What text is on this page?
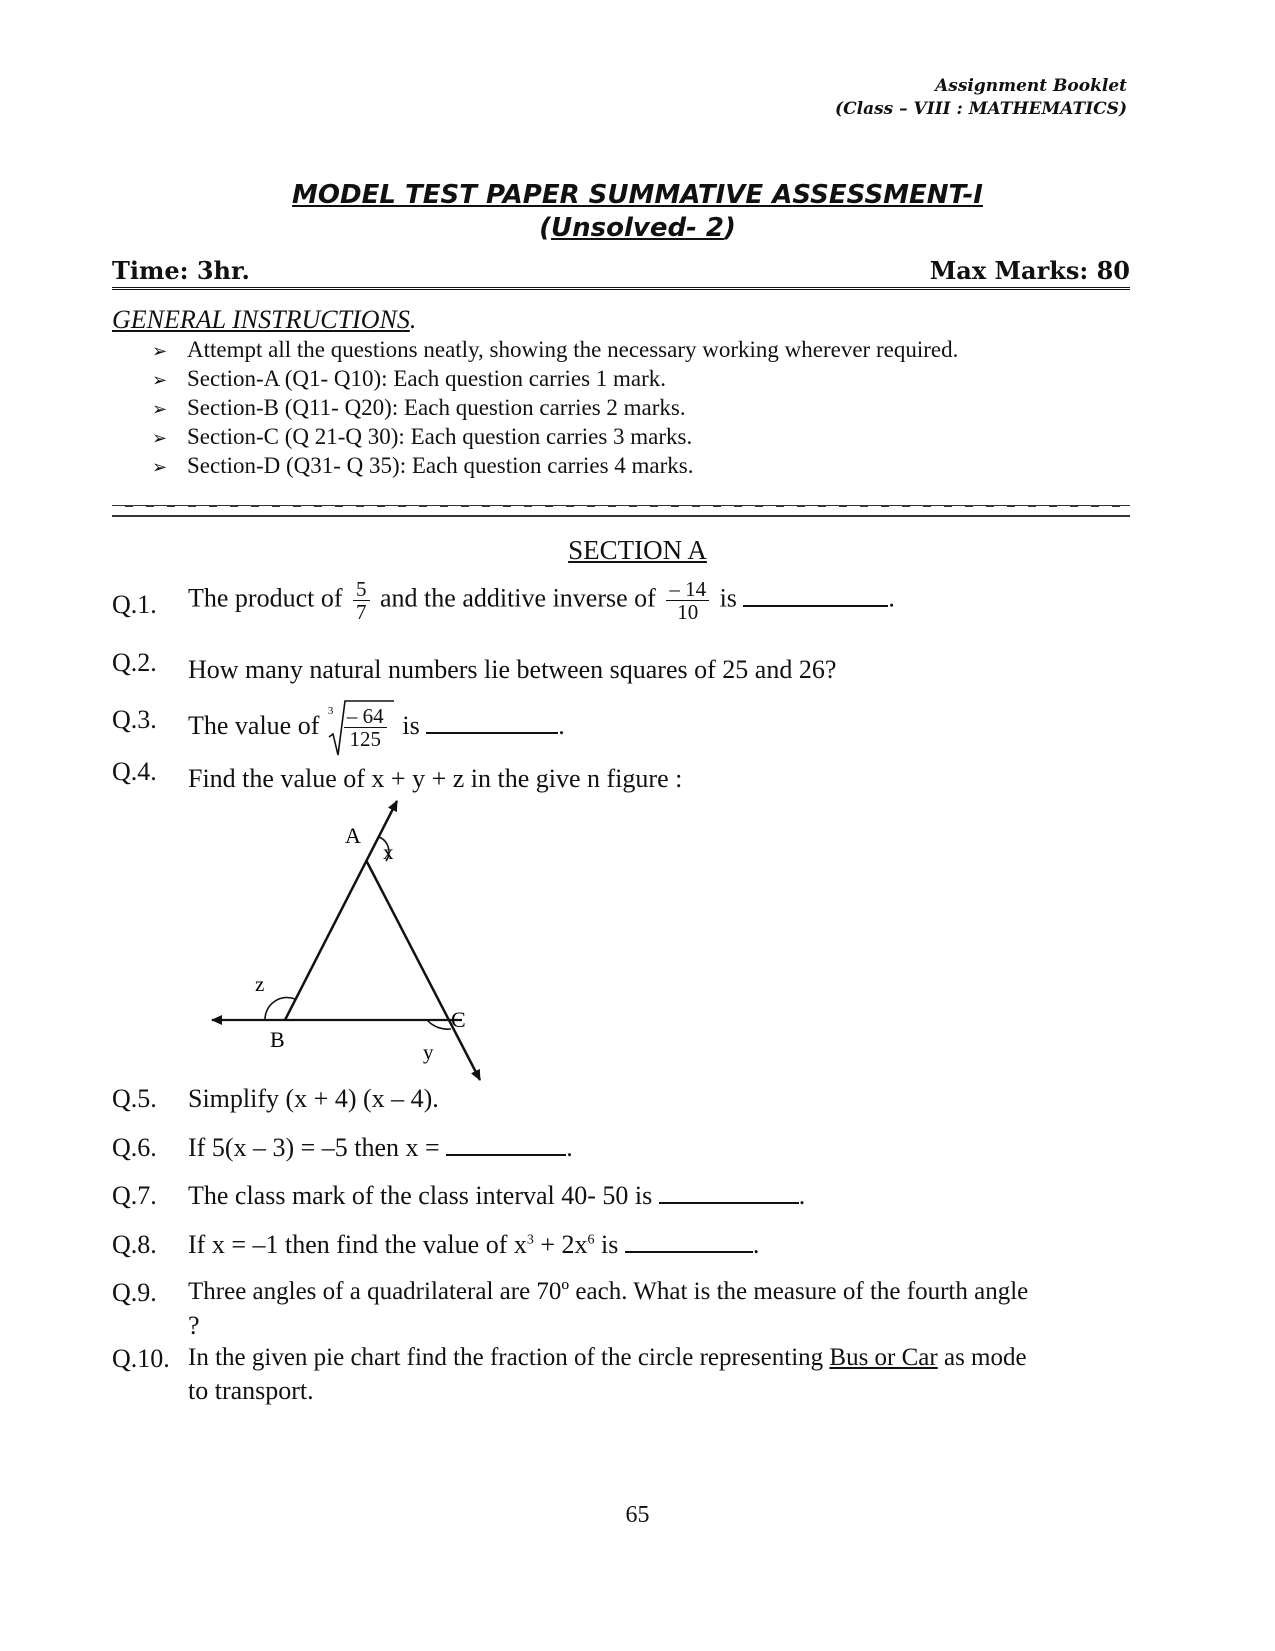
Assignment Booklet
(Class – VIII : MATHEMATICS)
MODEL TEST PAPER SUMMATIVE ASSESSMENT-I
(Unsolved- 2)
Time: 3hr.	Max Marks: 80
GENERAL INSTRUCTIONS.
➢ Attempt all the questions neatly, showing the necessary working wherever required.
➢ Section-A (Q1- Q10): Each question carries 1 mark.
➢ Section-B (Q11- Q20): Each question carries 2 marks.
➢ Section-C (Q 21-Q 30): Each question carries 3 marks.
➢ Section-D (Q31- Q 35): Each question carries 4 marks.
SECTION A
Q.1. The product of $\frac{5}{7}$ and the additive inverse of $\frac{- 14}{10}$ is	.
Q.2. How many natural numbers lie between squares of 25 and 26?
Q.3. The value of $3 \frac{- 64}{125}$ is	.
Q.4. Find the value of x + y + z in the give n figure :
A
x
z
B
C
y
Q.5. Simplify (x + 4) (x – 4).
Q.6. If 5(x – 3) = –5 then x =	.
Q.7. The class mark of the class interval 40- 50 is	.
Q.8. If x = –1 then find the value of $x^3 + 2x^6$ is	.
Q.9. Three angles of a quadrilateral are 70º each. What is the measure of the fourth angle
?
Q.10. In the given pie chart find the fraction of the circle representing Bus or Car as mode
to transport.
65
